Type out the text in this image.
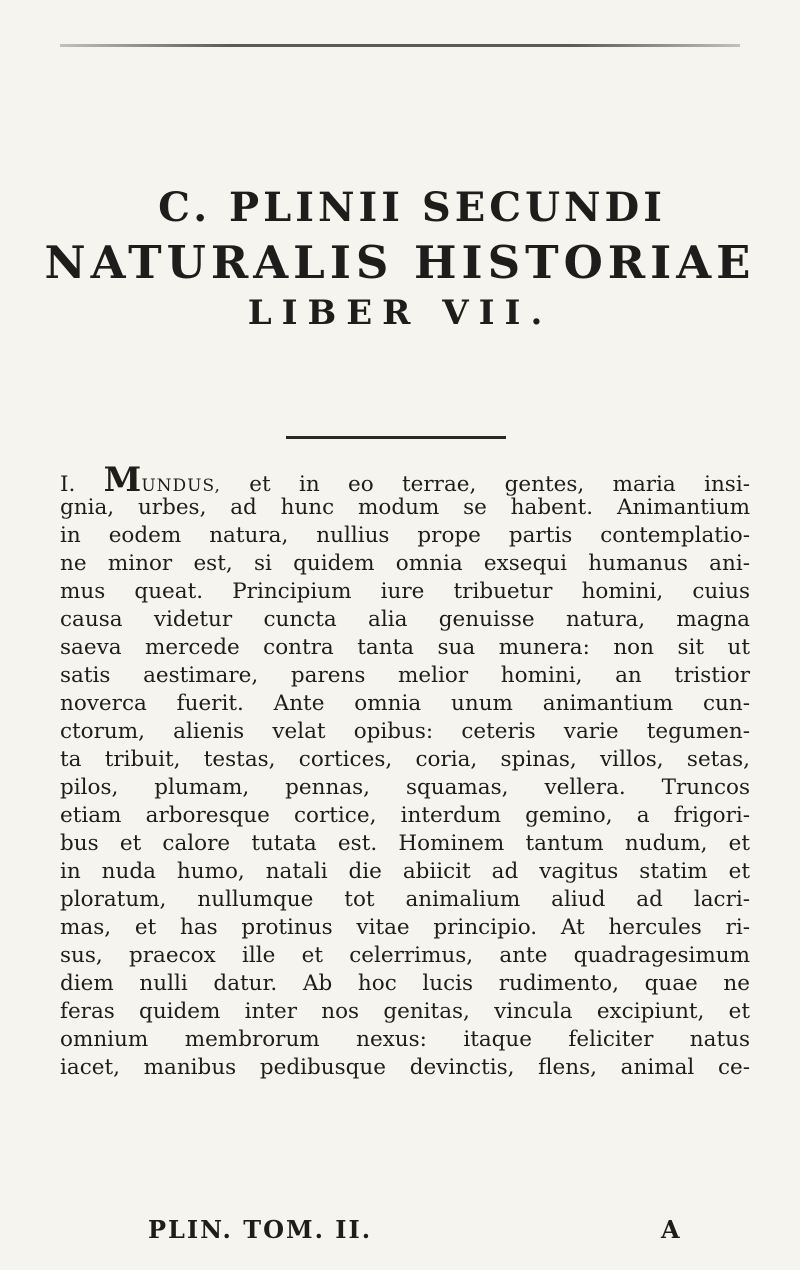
C. PLINII SECUNDI
NATURALIS HISTORIAE
LIBER VII.
I. MUNDUS, et in eo terrae, gentes, maria insi-
gnia, urbes, ad hunc modum se habent. Animantium
in eodem natura, nullius prope partis contemplatio-
ne minor est, si quidem omnia exsequi humanus ani-
mus queat. Principium iure tribuetur homini, cuius
causa videtur cuncta alia genuisse natura, magna
saeva mercede contra tanta sua munera: non sit ut
satis aestimare, parens melior homini, an tristior
noverca fuerit. Ante omnia unum animantium cun-
ctorum, alienis velat opibus: ceteris varie tegumen-
ta tribuit, testas, cortices, coria, spinas, villos, setas,
pilos, plumam, pennas, squamas, vellera. Truncos
etiam arboresque cortice, interdum gemino, a frigori-
bus et calore tutata est. Hominem tantum nudum, et
in nuda humo, natali die abiicit ad vagitus statim et
ploratum, nullumque tot animalium aliud ad lacri-
mas, et has protinus vitae principio. At hercules ri-
sus, praecox ille et celerrimus, ante quadragesimum
diem nulli datur. Ab hoc lucis rudimento, quae ne
feras quidem inter nos genitas, vincula excipiunt, et
omnium membrorum nexus: itaque feliciter natus
iacet, manibus pedibusque devinctis, flens, animal ce-
PLIN. TOM. II.	A
